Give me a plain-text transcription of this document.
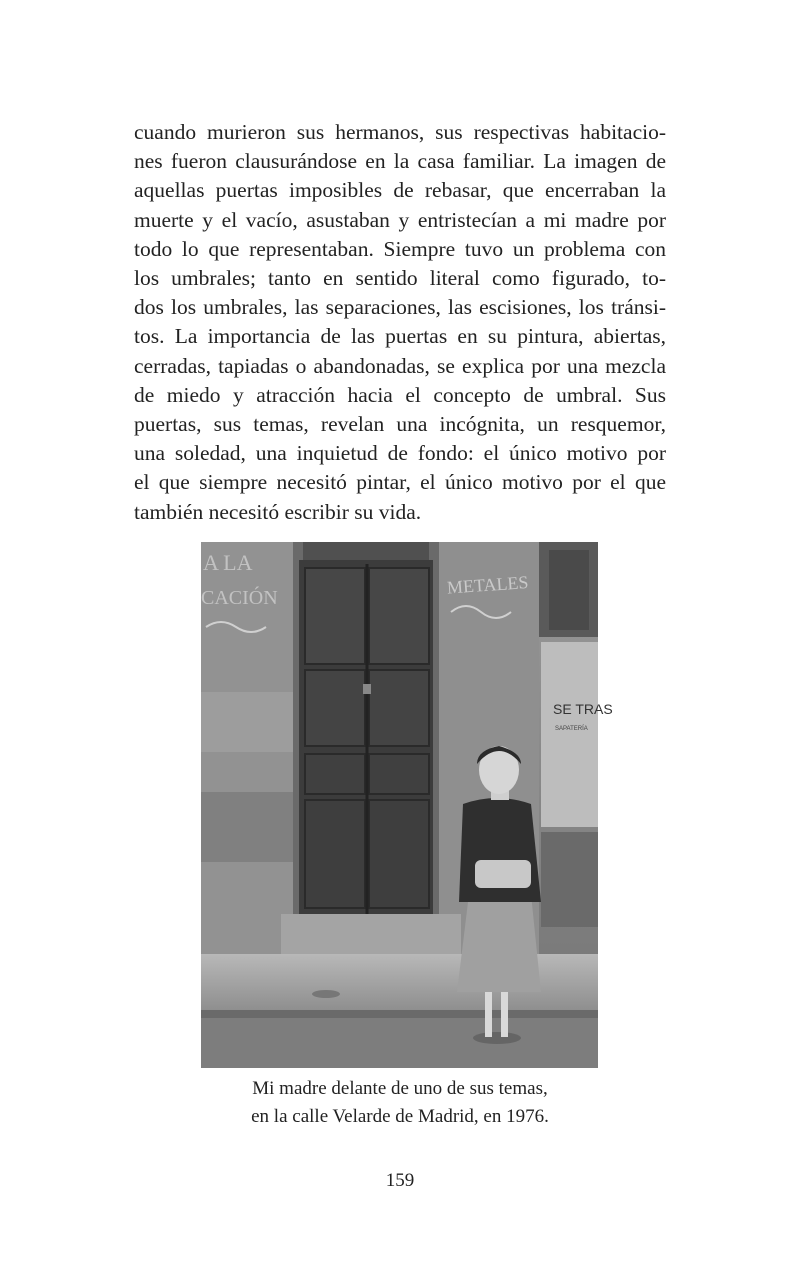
cuando murieron sus hermanos, sus respectivas habitacio-
nes fueron clausurándose en la casa familiar. La imagen de
aquellas puertas imposibles de rebasar, que encerraban la
muerte y el vacío, asustaban y entristecían a mi madre por
todo lo que representaban. Siempre tuvo un problema con
los umbrales; tanto en sentido literal como figurado, to-
dos los umbrales, las separaciones, las escisiones, los tránsi-
tos. La importancia de las puertas en su pintura, abiertas,
cerradas, tapiadas o abandonadas, se explica por una mezcla
de miedo y atracción hacia el concepto de umbral. Sus
puertas, sus temas, revelan una incógnita, un resquemor,
una soledad, una inquietud de fondo: el único motivo por
el que siempre necesitó pintar, el único motivo por el que
también necesitó escribir su vida.
SE TRAS
SAPATERÍA
A LA
CACIÓN
METALES
Mi madre delante de uno de sus temas,
en la calle Velarde de Madrid, en 1976.
159
